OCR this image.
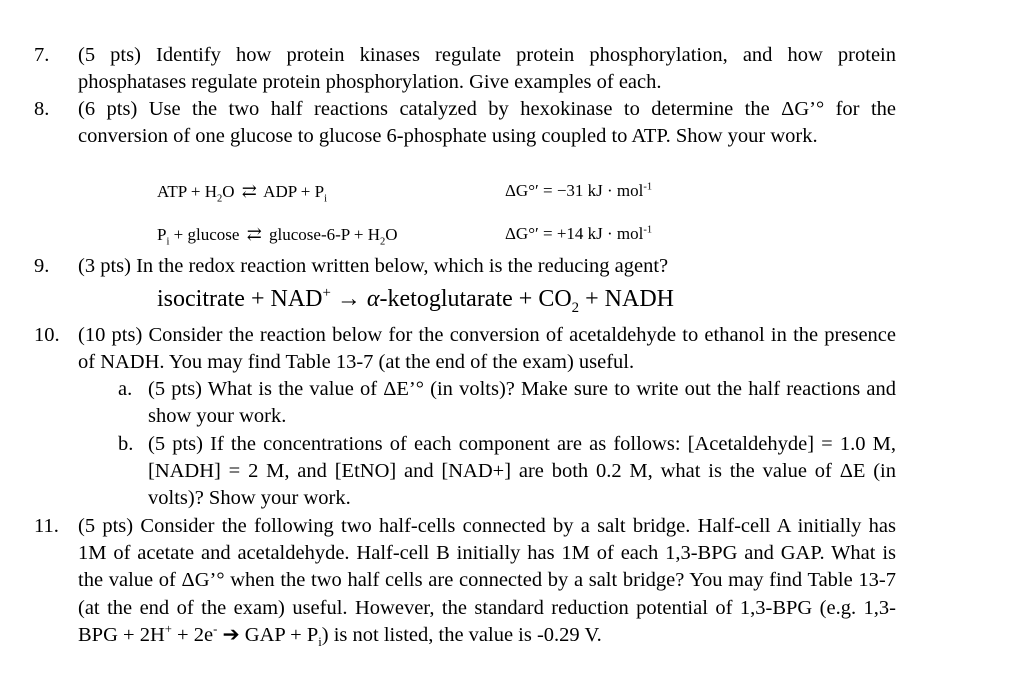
7. (5 pts) Identify how protein kinases regulate protein phosphorylation, and how protein phosphatases regulate protein phosphorylation. Give examples of each.

8. (6 pts) Use the two half reactions catalyzed by hexokinase to determine the ΔG’° for the conversion of one glucose to glucose 6-phosphate using coupled to ATP. Show your work.

ATP + $H_2O$ ⇄ ADP + $P_i$	ΔG°′ = −31 kJ · mol$^{-1}$
$P_i + glucose$ ⇄ $glucose-6-P + H_2O$	ΔG°′ = +14 kJ · mol$^{-1}$
9. (3 pts) In the redox reaction written below, which is the reducing agent?

isocitrate + NAD+ → α-ketoglutarate + $CO_2$ + NADH
10. (10 pts) Consider the reaction below for the conversion of acetaldehyde to ethanol in the presence of NADH. You may find Table 13-7 (at the end of the exam) useful.

a. (5 pts) What is the value of ΔE’° (in volts)? Make sure to write out the half reactions and show your work.

b. (5 pts) If the concentrations of each component are as follows: [Acetaldehyde] = 1.0 M, [NADH] = 2 M, and [EtNO] and [NAD+] are both 0.2 M, what is the value of ΔE (in volts)? Show your work.

11. (5 pts) Consider the following two half-cells connected by a salt bridge. Half-cell A initially has 1M of acetate and acetaldehyde. Half-cell B initially has 1M of each 1,3-BPG and GAP. What is the value of ΔG’° when the two half cells are connected by a salt bridge? You may find Table 13-7 (at the end of the exam) useful. However, the standard reduction potential of 1,3-BPG (e.g. 1,3-BPG + 2H+ + 2e- ➔ GAP + $P_i$) is not listed, the value is -0.29 V.
